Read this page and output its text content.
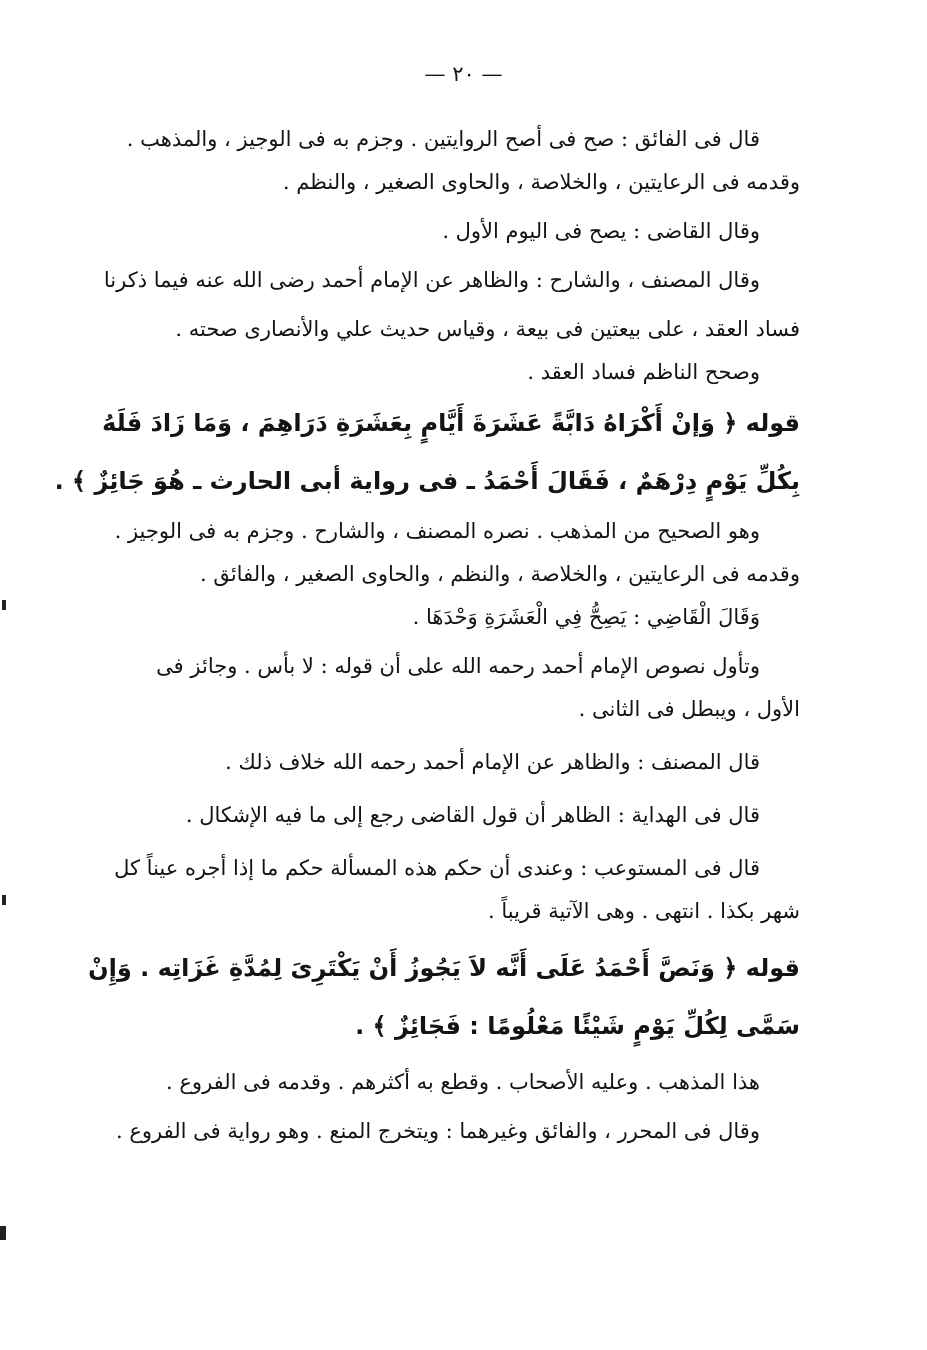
— ٢٠ —
قال فى الفائق : صح فى أصح الروايتين . وجزم به فى الوجيز ، والمذهب .
وقدمه فى الرعايتين ، والخلاصة ، والحاوى الصغير ، والنظم .
وقال القاضى : يصح فى اليوم الأول .
وقال المصنف ، والشارح : والظاهر عن الإمام أحمد رضى الله عنه فيما ذكرنا
فساد العقد ، على بيعتين فى بيعة ، وقياس حديث علي والأنصارى صحته .
وصحح الناظم فساد العقد .
قوله ﴿ وَإنْ أَكْرَاهُ دَابَّةً عَشَرَةَ أَيَّامٍ بِعَشَرَةِ دَرَاهِمَ ، وَمَا زَادَ فَلَهُ
بِكُلِّ يَوْمٍ دِرْهَمٌ ، فَقَالَ أَحْمَدُ ـ فى رواية أبى الحارث ـ هُوَ جَائِزٌ ﴾ .
وهو الصحيح من المذهب . نصره المصنف ، والشارح . وجزم به فى الوجيز .
وقدمه فى الرعايتين ، والخلاصة ، والنظم ، والحاوى الصغير ، والفائق .
وَقَالَ الْقَاضِي : يَصِحُّ فِي الْعَشَرَةِ وَحْدَهَا .
وتأول نصوص الإمام أحمد رحمه الله على أن قوله : لا بأس . وجائز فى
الأول ، ويبطل فى الثانى .
قال المصنف : والظاهر عن الإمام أحمد رحمه الله خلاف ذلك .
قال فى الهداية : الظاهر أن قول القاضى رجع إلى ما فيه الإشكال .
قال فى المستوعب : وعندى أن حكم هذه المسألة حكم ما إذا أجره عيناً كل
شهر بكذا . انتهى . وهى الآتية قريباً .
قوله ﴿ وَنَصَّ أَحْمَدُ عَلَى أَنَّه لاَ يَجُوزُ أَنْ يَكْتَرِىَ لِمُدَّةِ غَزَاتِه . وَإِنْ
سَمَّى لِكُلِّ يَوْمٍ شَيْئًا مَعْلُومًا : فَجَائِزٌ ﴾ .
هذا المذهب . وعليه الأصحاب . وقطع به أكثرهم . وقدمه فى الفروع .
وقال فى المحرر ، والفائق وغيرهما : ويتخرج المنع . وهو رواية فى الفروع .
